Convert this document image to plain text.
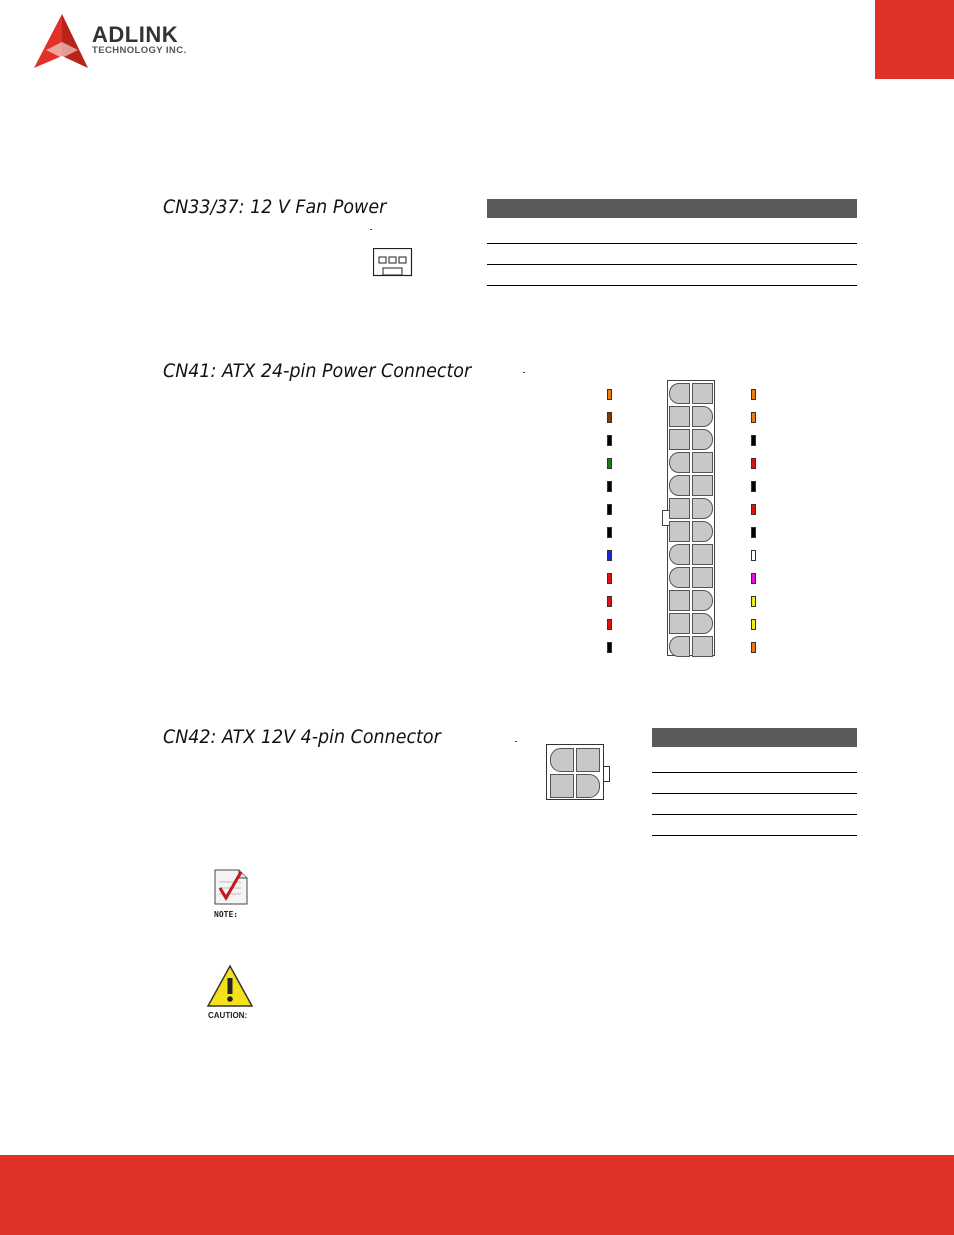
ADLINK
TECHNOLOGY INC.
CN33/37: 12 V Fan Power
CN41: ATX 24-pin Power Connector
CN42: ATX 12V 4-pin Connector
NOTE:
CAUTION:
